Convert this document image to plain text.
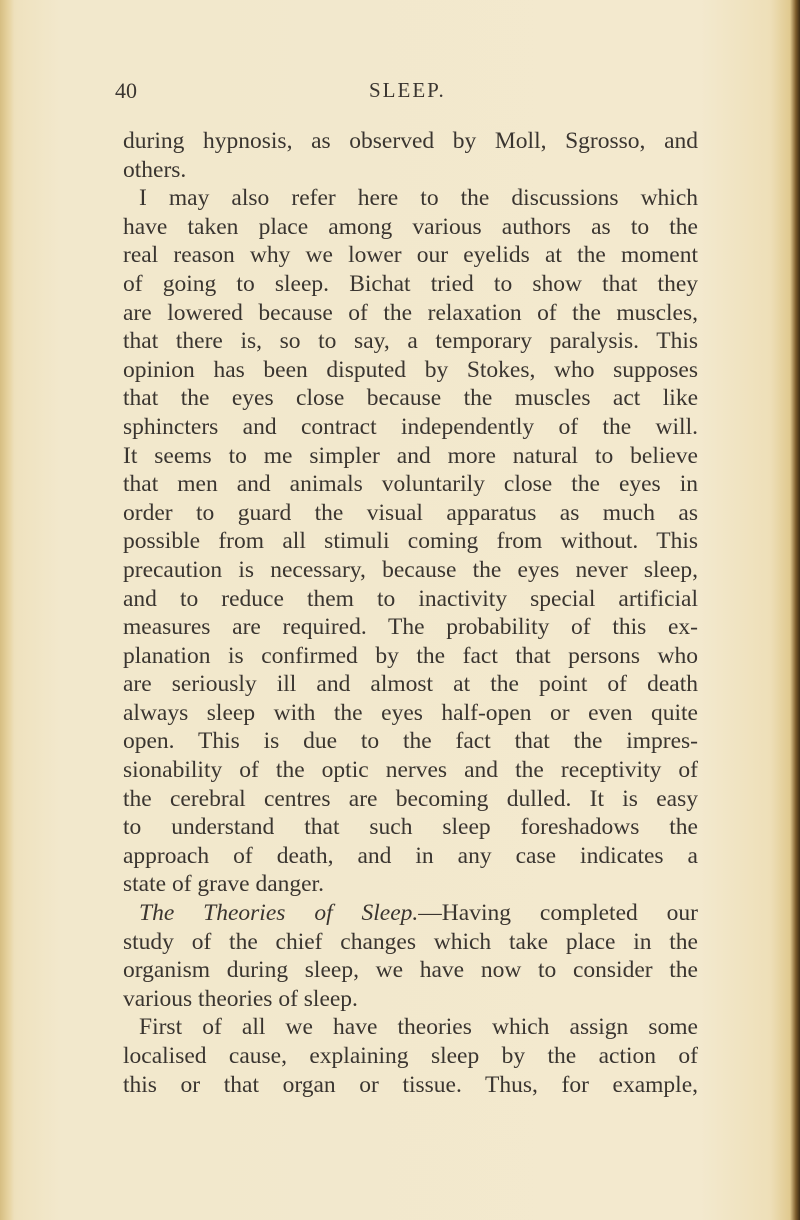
40	SLEEP.
during hypnosis, as observed by Moll, Sgrosso, and
others.
I may also refer here to the discussions which
have taken place among various authors as to the
real reason why we lower our eyelids at the moment
of going to sleep. Bichat tried to show that they
are lowered because of the relaxation of the muscles,
that there is, so to say, a temporary paralysis. This
opinion has been disputed by Stokes, who supposes
that the eyes close because the muscles act like
sphincters and contract independently of the will.
It seems to me simpler and more natural to believe
that men and animals voluntarily close the eyes in
order to guard the visual apparatus as much as
possible from all stimuli coming from without. This
precaution is necessary, because the eyes never sleep,
and to reduce them to inactivity special artificial
measures are required. The probability of this ex-
planation is confirmed by the fact that persons who
are seriously ill and almost at the point of death
always sleep with the eyes half-open or even quite
open. This is due to the fact that the impres-
sionability of the optic nerves and the receptivity of
the cerebral centres are becoming dulled. It is easy
to understand that such sleep foreshadows the
approach of death, and in any case indicates a
state of grave danger.
The Theories of Sleep.—Having completed our
study of the chief changes which take place in the
organism during sleep, we have now to consider the
various theories of sleep.
First of all we have theories which assign some
localised cause, explaining sleep by the action of
this or that organ or tissue. Thus, for example,
